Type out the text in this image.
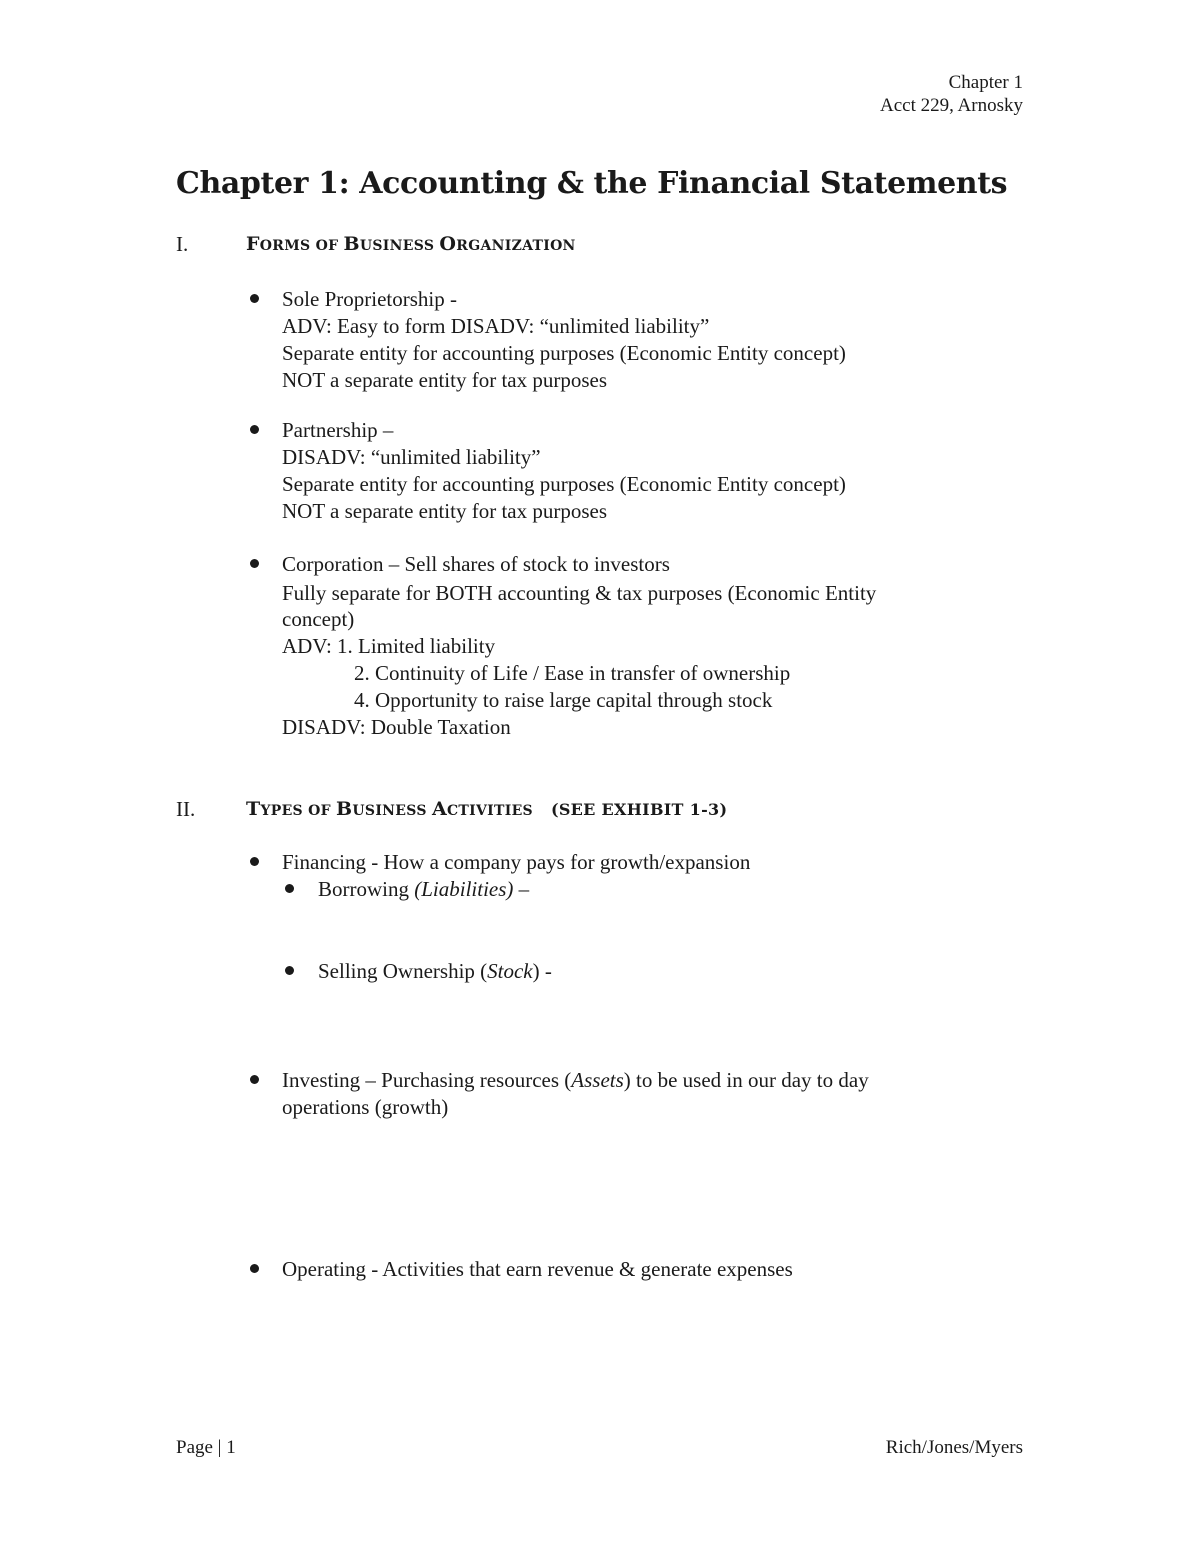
Chapter 1
Acct 229, Arnosky
Chapter 1: Accounting & the Financial Statements
I.	FORMS OF BUSINESS ORGANIZATION
Sole Proprietorship -
ADV: Easy to form DISADV: “unlimited liability”
Separate entity for accounting purposes (Economic Entity concept)
NOT a separate entity for tax purposes
Partnership –
DISADV: “unlimited liability”
Separate entity for accounting purposes (Economic Entity concept)
NOT a separate entity for tax purposes
Corporation – Sell shares of stock to investors
Fully separate for BOTH accounting & tax purposes (Economic Entity
concept)
ADV: 1. Limited liability
2. Continuity of Life / Ease in transfer of ownership
4. Opportunity to raise large capital through stock
DISADV: Double Taxation
II.	TYPES OF BUSINESS ACTIVITIES (SEE EXHIBIT 1-3)
Financing - How a company pays for growth/expansion
Borrowing (Liabilities) –
Selling Ownership (Stock) -
Investing – Purchasing resources (Assets) to be used in our day to day
operations (growth)
Operating - Activities that earn revenue & generate expenses
Page | 1	Rich/Jones/Myers
